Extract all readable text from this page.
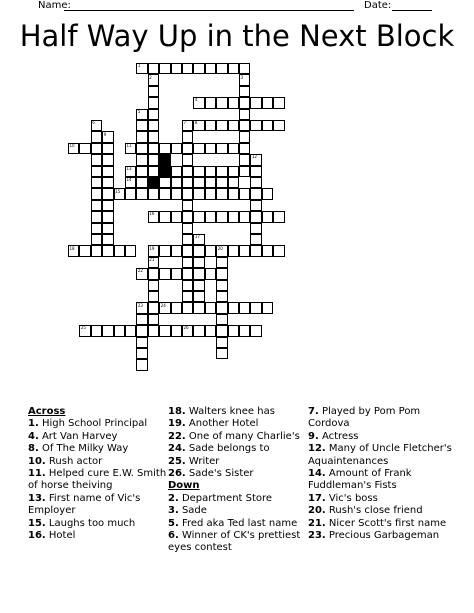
Name:	Date:
Half Way Up in the Next Block
1
2	3
4
5
6	7 8
9
10	11
12
13
14
15
16
17
18	19	20
21
22
23	24
25	26
Across
1. High School Principal
4. Art Van Harvey
8. Of The Milky Way
10. Rush actor
11. Helped cure E.W. Smith of horse theiving
13. First name of Vic's Employer
15. Laughs too much
16. Hotel
18. Walters knee has
19. Another Hotel
22. One of many Charlie's
24. Sade belongs to
25. Writer
26. Sade's Sister
Down
2. Department Store
3. Sade
5. Fred aka Ted last name
6. Winner of CK's prettiest eyes contest
7. Played by Pom Pom Cordova
9. Actress
12. Many of Uncle Fletcher's Aquaintenances
14. Amount of Frank Fuddleman's Fists
17. Vic's boss
20. Rush's close friend
21. Nicer Scott's first name
23. Precious Garbageman
